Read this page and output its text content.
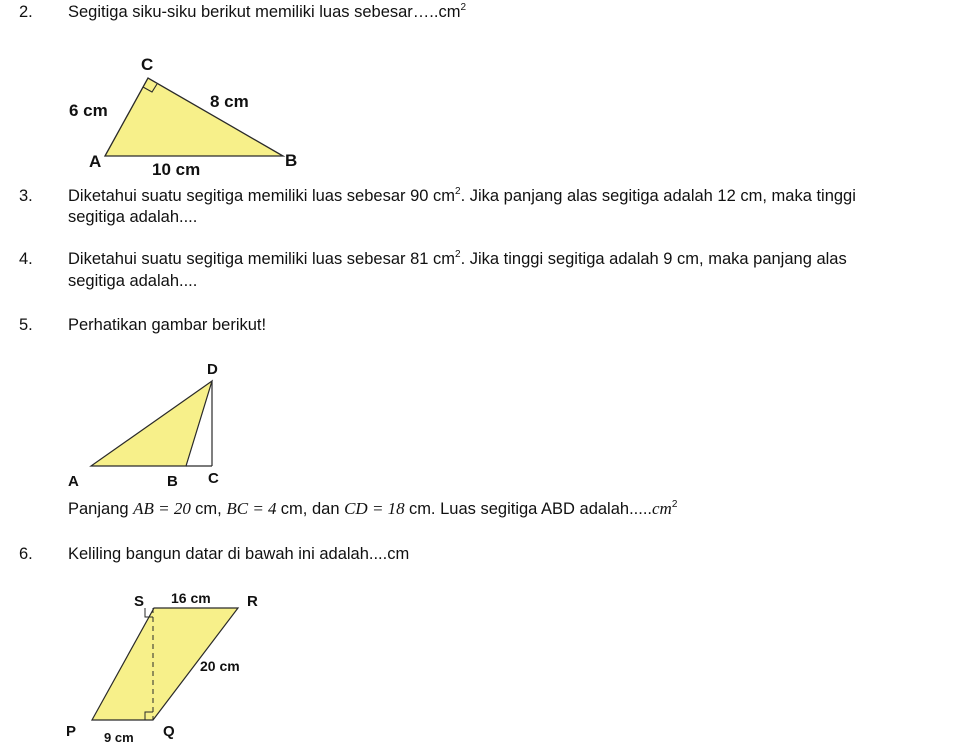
2. Segitiga siku-siku berikut memiliki luas $sebesar\dots..cm^2$
3. Diketahui suatu segitiga memiliki luas sebesar 90 $cm^2$. Jika panjang alas segitiga adalah 12 cm, maka tinggi
segitiga adalah....
4. Diketahui suatu segitiga memiliki luas sebesar 81 $cm^2$. Jika tinggi segitiga adalah 9 cm, maka panjang alas
segitiga adalah....
5. Perhatikan gambar berikut!
Panjang AB = 20 cm, BC = 4 cm, dan CD = 18 cm. Luas segitiga ABD $adalah.....cm^2$
6. Keliling bangun datar di bawah ini adalah....cm
C
A	B
6 cm	8 cm
10 cm
D
A	B C
S	R
P	Q
16 cm
20 cm
9 cm
